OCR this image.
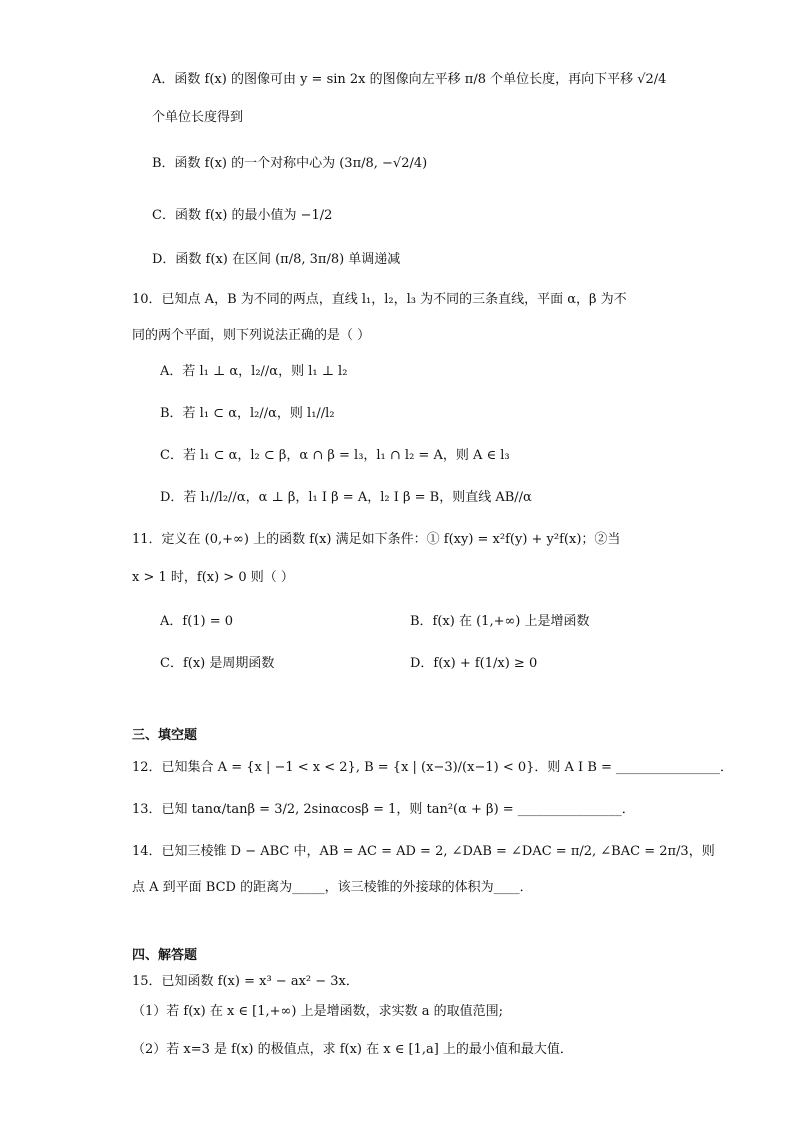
A．函数 f(x) 的图像可由 y = sin 2x 的图像向左平移 π/8 个单位长度，再向下平移 √2/4
个单位长度得到
B．函数 f(x) 的一个对称中心为 (3π/8, −√2/4)
C．函数 f(x) 的最小值为 −1/2
D．函数 f(x) 在区间 (π/8, 3π/8) 单调递减
10．已知点 A，B 为不同的两点，直线 l₁，l₂，l₃ 为不同的三条直线，平面 α，β 为不
同的两个平面，则下列说法正确的是（ ）
A．若 l₁ ⊥ α，l₂//α，则 l₁ ⊥ l₂
B．若 l₁ ⊂ α，l₂//α，则 l₁//l₂
C．若 l₁ ⊂ α，l₂ ⊂ β，α ∩ β = l₃，l₁ ∩ l₂ = A，则 A ∈ l₃
D．若 l₁//l₂//α，α ⊥ β，l₁ I β = A，l₂ I β = B，则直线 AB//α
11．定义在 (0,+∞) 上的函数 f(x) 满足如下条件：① f(xy) = x²f(y) + y²f(x)；②当
x > 1 时，f(x) > 0 则（ ）
A．f(1) = 0	B．f(x) 在 (1,+∞) 上是增函数
C．f(x) 是周期函数	D．f(x) + f(1/x) ≥ 0
三、填空题
12．已知集合 A = {x | −1 < x < 2}, B = {x | (x−3)/(x−1) < 0}．则 A I B = ________________．
13．已知 tanα/tanβ = 3/2, 2sinαcosβ = 1，则 tan²(α + β) = ________________．
14．已知三棱锥 D − ABC 中，AB = AC = AD = 2, ∠DAB = ∠DAC = π/2, ∠BAC = 2π/3，则
点 A 到平面 BCD 的距离为_____，该三棱锥的外接球的体积为____．
四、解答题
15．已知函数 f(x) = x³ − ax² − 3x．
（1）若 f(x) 在 x ∈ [1,+∞) 上是增函数，求实数 a 的取值范围;
（2）若 x=3 是 f(x) 的极值点，求 f(x) 在 x ∈ [1,a] 上的最小值和最大值．
